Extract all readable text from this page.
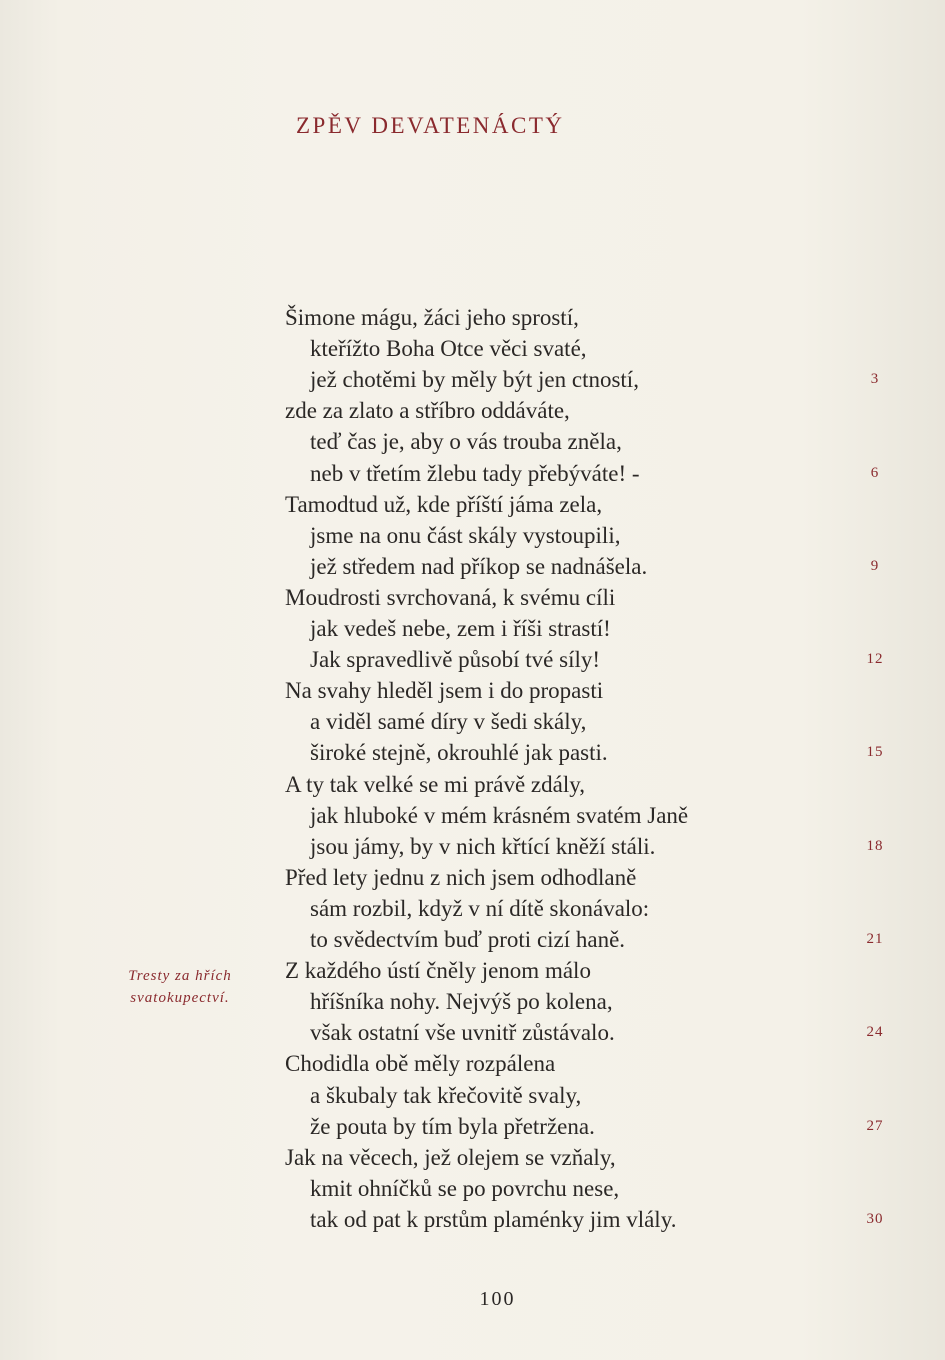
ZPĚV DEVATENÁCTÝ
Šimone mágu, žáci jeho sprostí,
kteřížto Boha Otce věci svaté,
jež chotěmi by měly být jen ctností,	3
zde za zlato a stříbro oddáváte,
teď čas je, aby o vás trouba zněla,
neb v třetím žlebu tady přebýváte! -	6
Tamodtud už, kde příští jáma zela,
jsme na onu část skály vystoupili,
jež středem nad příkop se nadnášela.	9
Moudrosti svrchovaná, k svému cíli
jak vedeš nebe, zem i říši strastí!
Jak spravedlivě působí tvé síly!	12
Na svahy hleděl jsem i do propasti
a viděl samé díry v šedi skály,
široké stejně, okrouhlé jak pasti.	15
A ty tak velké se mi právě zdály,
jak hluboké v mém krásném svatém Janě
jsou jámy, by v nich křtící kněží stáli.	18
Před lety jednu z nich jsem odhodlaně
sám rozbil, když v ní dítě skonávalo:
to svědectvím buď proti cizí haně.	21
Z každého ústí čněly jenom málo
hříšníka nohy. Nejvýš po kolena,
však ostatní vše uvnitř zůstávalo.	24
Chodidla obě měly rozpálena
a škubaly tak křečovitě svaly,
že pouta by tím byla přetržena.	27
Jak na věcech, jež olejem se vzňaly,
kmit ohníčků se po povrchu nese,
tak od pat k prstům plaménky jim vlály.	30
Tresty za hřích
svatokupectví.
100
